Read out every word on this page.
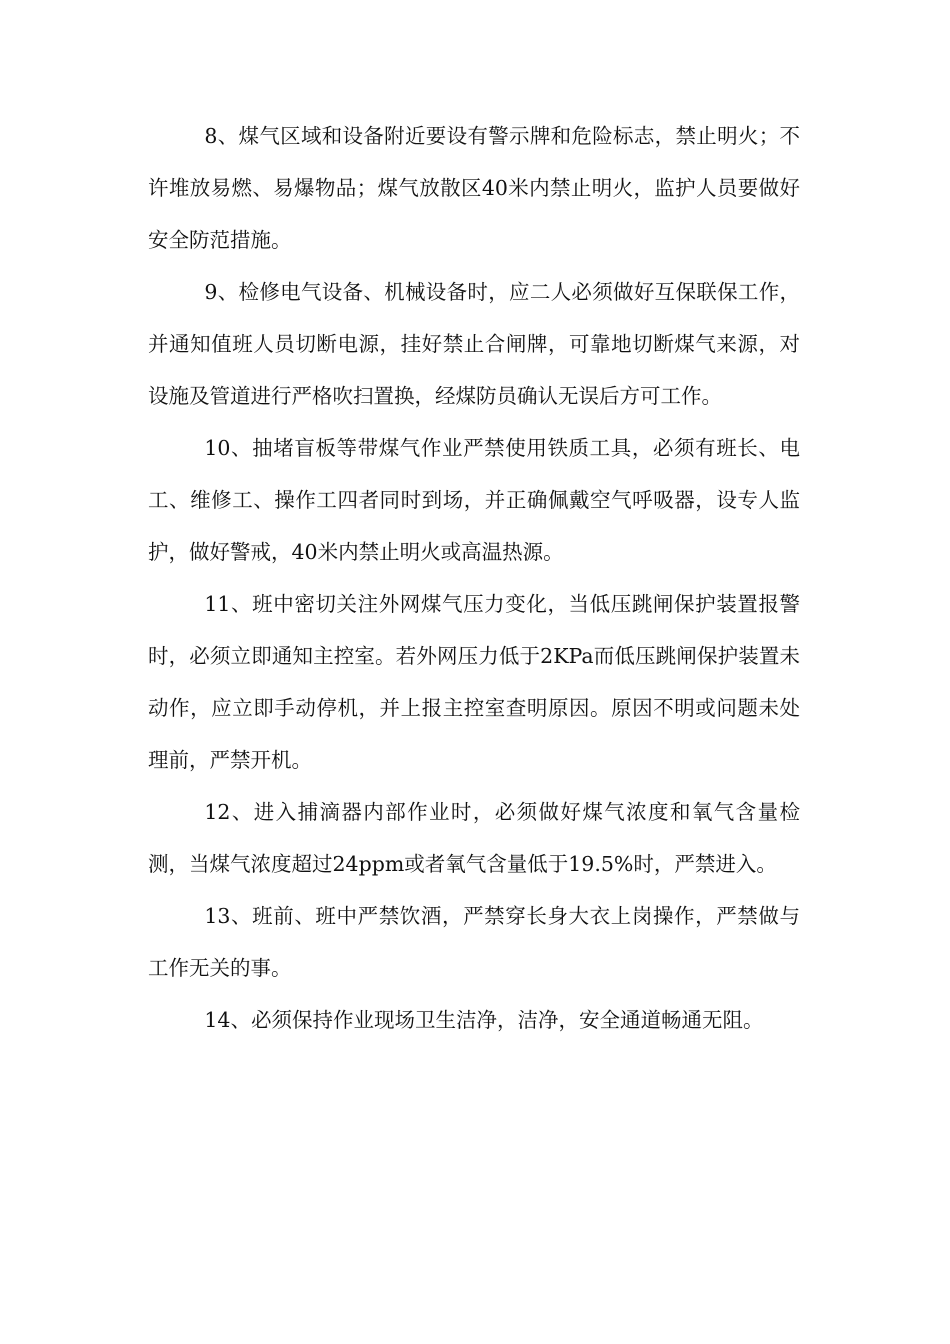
8、煤气区域和设备附近要设有警示牌和危险标志，禁止明火；不许堆放易燃、易爆物品；煤气放散区40米内禁止明火，监护人员要做好安全防范措施。

9、检修电气设备、机械设备时，应二人必须做好互保联保工作，并通知值班人员切断电源，挂好禁止合闸牌，可靠地切断煤气来源，对设施及管道进行严格吹扫置换，经煤防员确认无误后方可工作。

10、抽堵盲板等带煤气作业严禁使用铁质工具，必须有班长、电工、维修工、操作工四者同时到场，并正确佩戴空气呼吸器，设专人监护，做好警戒，40米内禁止明火或高温热源。

11、班中密切关注外网煤气压力变化，当低压跳闸保护装置报警时，必须立即通知主控室。若外网压力低于2KPa而低压跳闸保护装置未动作，应立即手动停机，并上报主控室查明原因。原因不明或问题未处理前，严禁开机。

12、进入捕滴器内部作业时，必须做好煤气浓度和氧气含量检测，当煤气浓度超过24ppm或者氧气含量低于19.5%时，严禁进入。

13、班前、班中严禁饮酒，严禁穿长身大衣上岗操作，严禁做与工作无关的事。

14、必须保持作业现场卫生洁净，洁净，安全通道畅通无阻。
